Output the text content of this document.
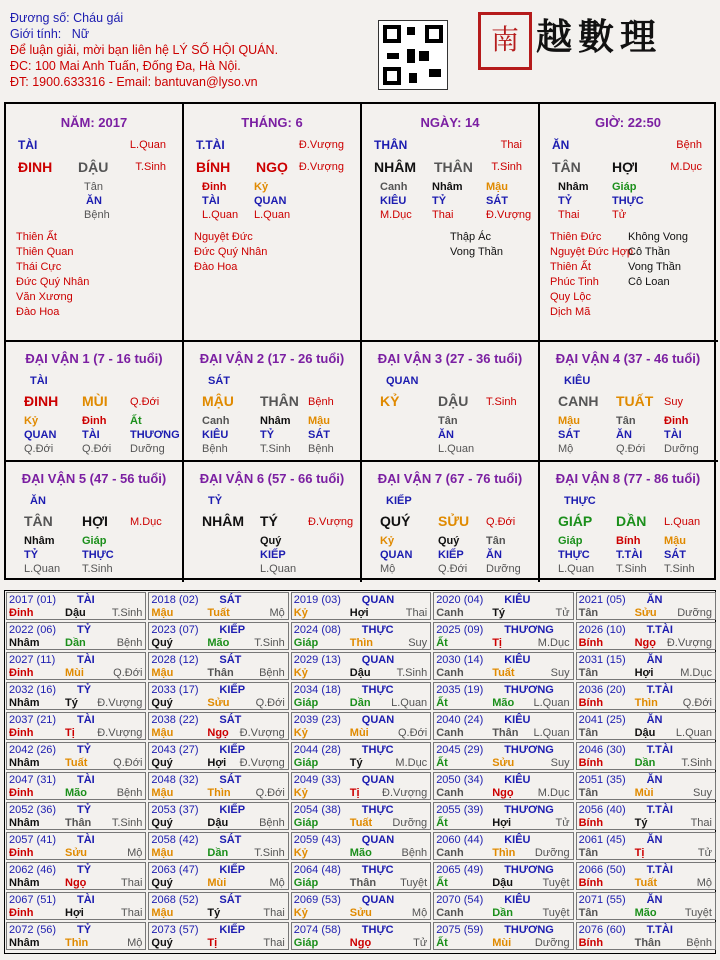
Đương số: Cháu gái
Giới tính: Nữ
Để luận giải, mời bạn liên hệ LÝ SỐ HỘI QUÁN.
ĐC: 100 Mai Anh Tuấn, Đống Đa, Hà Nội.
ĐT: 1900.633316 - Email: bantuvan@lyso.vn
南 越數理
NĂM: 2017
TÀI	L.Quan
ĐINH DẬU T.Sinh
Tân
ĂN
Bệnh
Thiên Ất
Thiên Quan
Thái Cực
Đức Quý Nhân
Văn Xương
Đào Hoa
THÁNG: 6
T.TÀI	Đ.Vượng
BÍNH NGỌ Đ.Vượng
Đinh
TÀI
L.Quan
Kỷ
QUAN
L.Quan
Nguyệt Đức
Đức Quý Nhân
Đào Hoa
NGÀY: 14
THÂN	Thai
NHÂM THÂN T.Sinh
Canh
KIÊU
M.Dục
Nhâm
TỶ
Thai
Mậu
SÁT
Đ.Vượng
Thập Ác
Vong Thần
GIỜ: 22:50
ĂN	Bệnh
TÂN HỢI	M.Dục
Nhâm
TỶ
Thai
Giáp
THỰC
Tử
Thiên Đức
Nguyệt Đức Hợp
Thiên Ất
Phúc Tinh
Quy Lộc
Dịch Mã
Không Vong
Cô Thần
Vong Thần
Cô Loan
ĐẠI VẬN 1 (7 - 16 tuổi)
TÀI
ĐINH MÙI Q.Đới
Kỷ
QUAN
Q.Đới
Đinh
TÀI
Q.Đới
Ất
THƯƠNG
Dưỡng
ĐẠI VẬN 2 (17 - 26 tuổi)
SÁT
MẬU THÂN Bệnh
Canh
KIÊU
Bệnh
Nhâm
TỶ
T.Sinh
Mậu
SÁT
Bệnh
ĐẠI VẬN 3 (27 - 36 tuổi)
QUAN
KỶ	DẬU T.Sinh
Tân
ĂN
L.Quan
ĐẠI VẬN 4 (37 - 46 tuổi)
KIÊU
CANH TUẤT Suy
Mậu
SÁT
Mộ
Tân
ĂN
Q.Đới
Đinh
TÀI
Dưỡng
ĐẠI VẬN 5 (47 - 56 tuổi)
ĂN
TÂN HỢI M.Dục
Nhâm
TỶ
L.Quan
Giáp
THỰC
T.Sinh
ĐẠI VẬN 6 (57 - 66 tuổi)
TỶ
NHÂM TÝ	Đ.Vượng
Quý
KIẾP
L.Quan
ĐẠI VẬN 7 (67 - 76 tuổi)
KIẾP
QUÝ SỬU Q.Đới
Kỷ
QUAN
Mộ
Quý
KIẾP
Q.Đới
Tân
ĂN
Dưỡng
ĐẠI VẬN 8 (77 - 86 tuổi)
THỰC
GIÁP DẦN L.Quan
Giáp
THỰC
L.Quan
Bính
T.TÀI
T.Sinh
Mậu
SÁT
T.Sinh
2017 (01) TÀI
Đinh	Dậu T.Sinh
2018 (02) SÁT
Mậu	Tuất	Mộ
2019 (03) QUAN
Kỷ	Hợi	Thai
2020 (04) KIÊU
Canh	Tý	Tử
2021 (05) ĂN
Tân	Sửu Dưỡng
2022 (06) TỶ
Nhâm Dần	Bệnh
2023 (07) KIẾP
Quý	Mão T.Sinh
2024 (08) THỰC
Giáp	Thìn	Suy
2025 (09) THƯƠNG
Ất	Tị	M.Dục
2026 (10) T.TÀI
Bính	Ngọ Đ.Vượng
2027 (11) TÀI
Đinh	Mùi	Q.Đới
2028 (12) SÁT
Mậu	Thân Bệnh
2029 (13) QUAN
Kỷ	Dậu T.Sinh
2030 (14) KIÊU
Canh	Tuất	Suy
2031 (15) ĂN
Tân	Hợi M.Dục
2032 (16) TỶ
Nhâm Tý Đ.Vượng
2033 (17) KIẾP
Quý	Sửu Q.Đới
2034 (18) THỰC
Giáp	Dần L.Quan
2035 (19) THƯƠNG
Ất	Mão L.Quan
2036 (20) T.TÀI
Bính	Thìn Q.Đới
2037 (21) TÀI
Đinh	Tị Đ.Vượng
2038 (22) SÁT
Mậu	Ngọ Đ.Vượng
2039 (23) QUAN
Kỷ	Mùi	Q.Đới
2040 (24) KIÊU
Canh	Thân L.Quan
2041 (25) ĂN
Tân	Dậu L.Quan
2042 (26) TỶ
Nhâm Tuất Q.Đới
2043 (27) KIẾP
Quý	Hợi Đ.Vượng
2044 (28) THỰC
Giáp	Tý	M.Dục
2045 (29) THƯƠNG
Ất	Sửu	Suy
2046 (30) T.TÀI
Bính	Dần T.Sinh
2047 (31) TÀI
Đinh	Mão	Bệnh
2048 (32) SÁT
Mậu	Thìn Q.Đới
2049 (33) QUAN
Kỷ	Tị Đ.Vượng
2050 (34) KIÊU
Canh	Ngọ M.Dục
2051 (35) ĂN
Tân	Mùi	Suy
2052 (36) TỶ
Nhâm Thân T.Sinh
2053 (37) KIẾP
Quý	Dậu	Bệnh
2054 (38) THỰC
Giáp	Tuất Dưỡng
2055 (39) THƯƠNG
Ất	Hợi	Tử
2056 (40) T.TÀI
Bính	Tý	Thai
2057 (41) TÀI
Đinh	Sửu	Mộ
2058 (42) SÁT
Mậu	Dần T.Sinh
2059 (43) QUAN
Kỷ	Mão	Bệnh
2060 (44) KIÊU
Canh	Thìn Dưỡng
2061 (45) ĂN
Tân	Tị	Tử
2062 (46) TỶ
Nhâm Ngọ	Thai
2063 (47) KIẾP
Quý	Mùi	Mộ
2064 (48) THỰC
Giáp	Thân Tuyệt
2065 (49) THƯƠNG
Ất	Dậu	Tuyệt
2066 (50) T.TÀI
Bính	Tuất	Mộ
2067 (51) TÀI
Đinh	Hợi	Thai
2068 (52) SÁT
Mậu	Tý	Thai
2069 (53) QUAN
Kỷ	Sửu	Mộ
2070 (54) KIÊU
Canh	Dần	Tuyệt
2071 (55) ĂN
Tân	Mão	Tuyệt
2072 (56) TỶ
Nhâm Thìn	Mộ
2073 (57) KIẾP
Quý	Tị	Thai
2074 (58) THỰC
Giáp	Ngọ	Tử
2075 (59) THƯƠNG
Ất	Mùi Dưỡng
2076 (60) T.TÀI
Bính	Thân Bệnh
